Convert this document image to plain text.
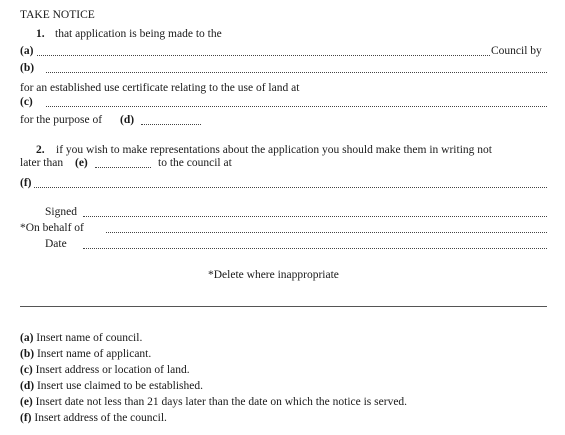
TAKE NOTICE
1. that application is being made to the
(a)	Council by
(b)
for an established use certificate relating to the use of land at
(c)
for the purpose of (d)
2. if you wish to make representations about the application you should make them in writing not
later than (e)	to the council at
(f)
Signed
*On behalf of
Date
*Delete where inappropriate
(a) Insert name of council.
(b) Insert name of applicant.
(c) Insert address or location of land.
(d) Insert use claimed to be established.
(e) Insert date not less than 21 days later than the date on which the notice is served.
(f) Insert address of the council.
